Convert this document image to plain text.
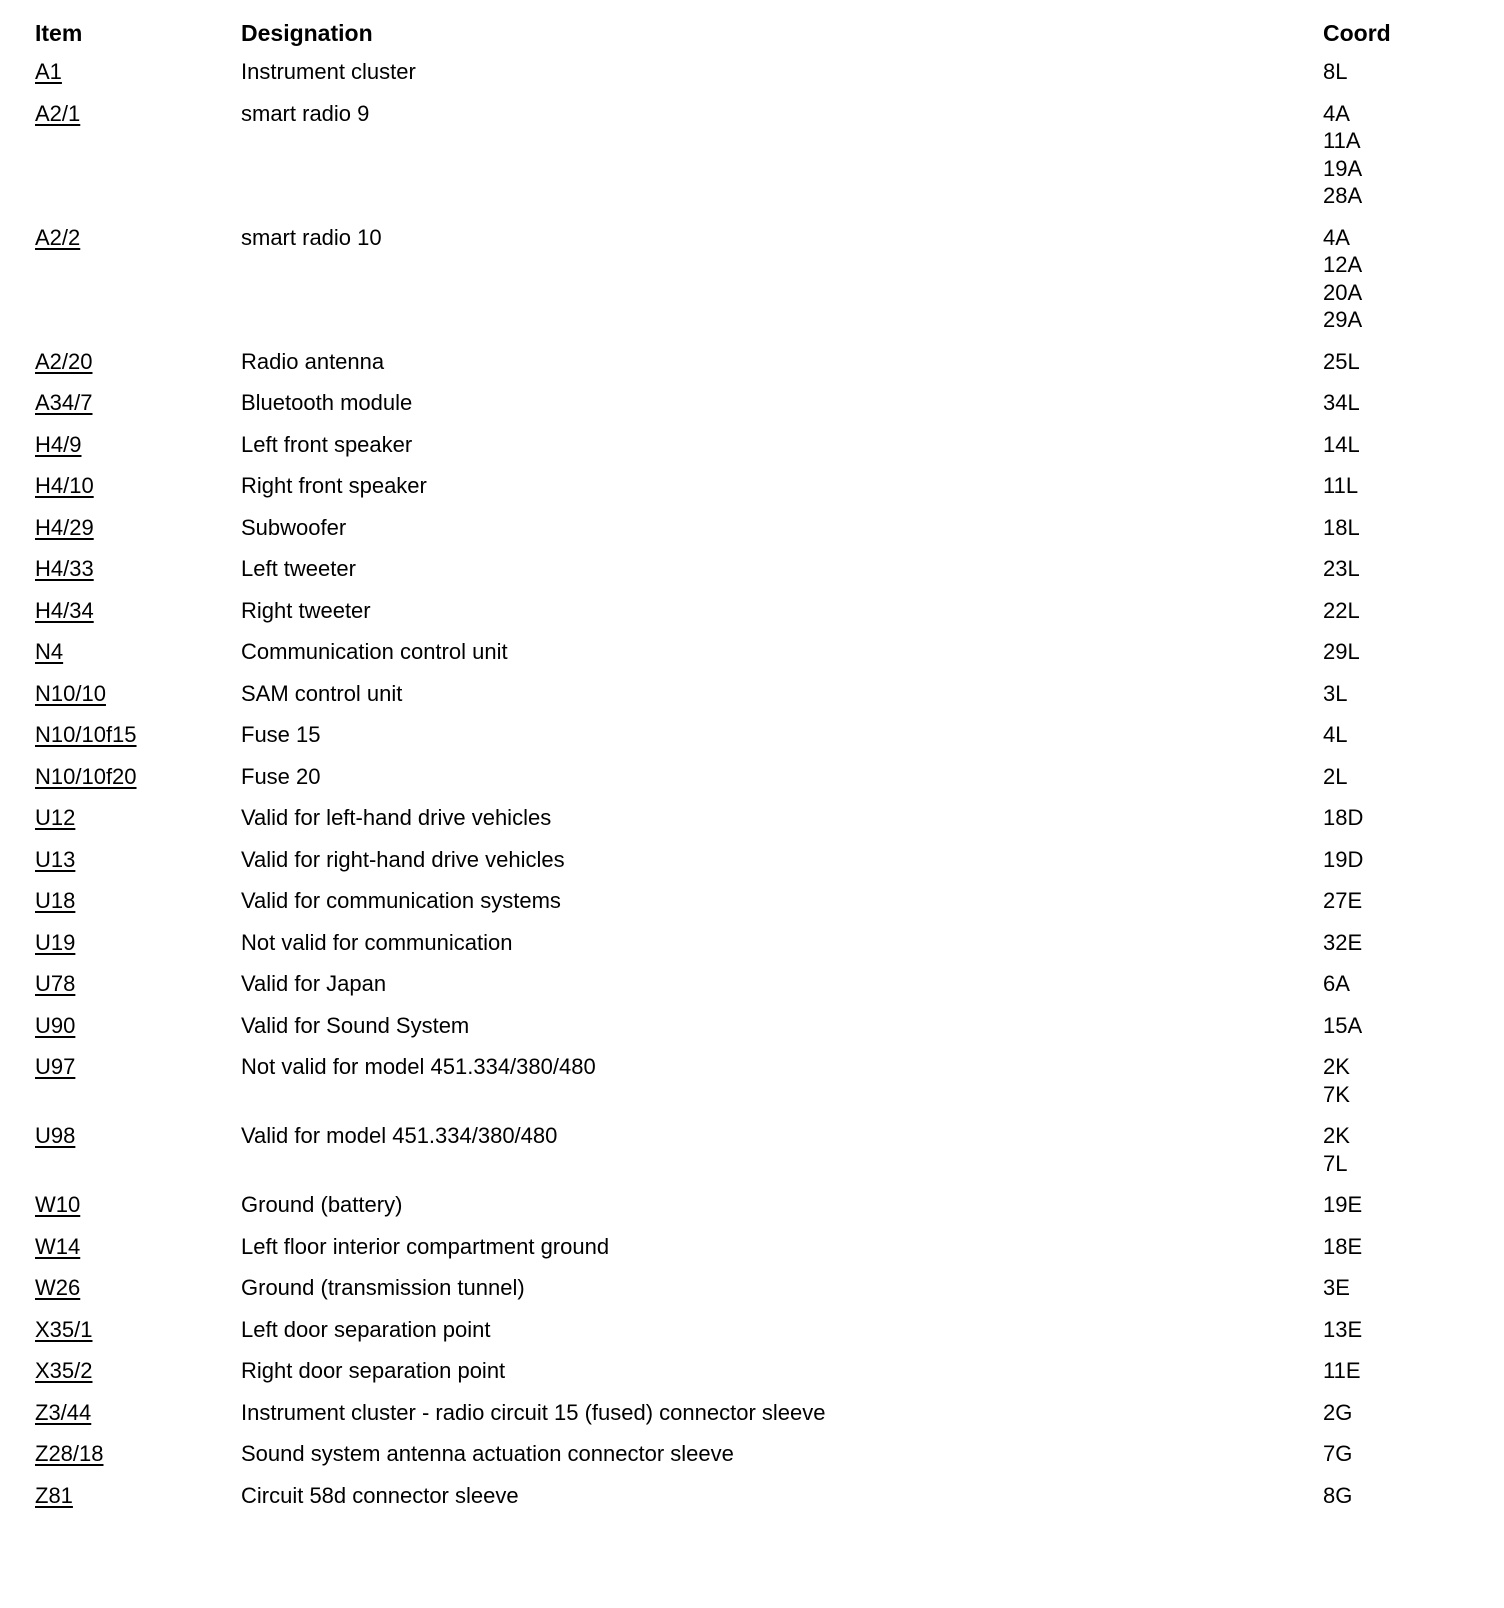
Item	Designation	Coord
A1	Instrument cluster	8L
A2/1	smart radio 9	4A
11A
19A
28A
A2/2	smart radio 10	4A
12A
20A
29A
A2/20	Radio antenna	25L
A34/7	Bluetooth module	34L
H4/9	Left front speaker	14L
H4/10	Right front speaker	11L
H4/29	Subwoofer	18L
H4/33	Left tweeter	23L
H4/34	Right tweeter	22L
N4	Communication control unit	29L
N10/10	SAM control unit	3L
N10/10f15	Fuse 15	4L
N10/10f20	Fuse 20	2L
U12	Valid for left-hand drive vehicles	18D
U13	Valid for right-hand drive vehicles	19D
U18	Valid for communication systems	27E
U19	Not valid for communication	32E
U78	Valid for Japan	6A
U90	Valid for Sound System	15A
U97	Not valid for model 451.334/380/480	2K
7K
U98	Valid for model 451.334/380/480	2K
7L
W10	Ground (battery)	19E
W14	Left floor interior compartment ground	18E
W26	Ground (transmission tunnel)	3E
X35/1	Left door separation point	13E
X35/2	Right door separation point	11E
Z3/44	Instrument cluster - radio circuit 15 (fused) connector sleeve	2G
Z28/18	Sound system antenna actuation connector sleeve	7G
Z81	Circuit 58d connector sleeve	8G
